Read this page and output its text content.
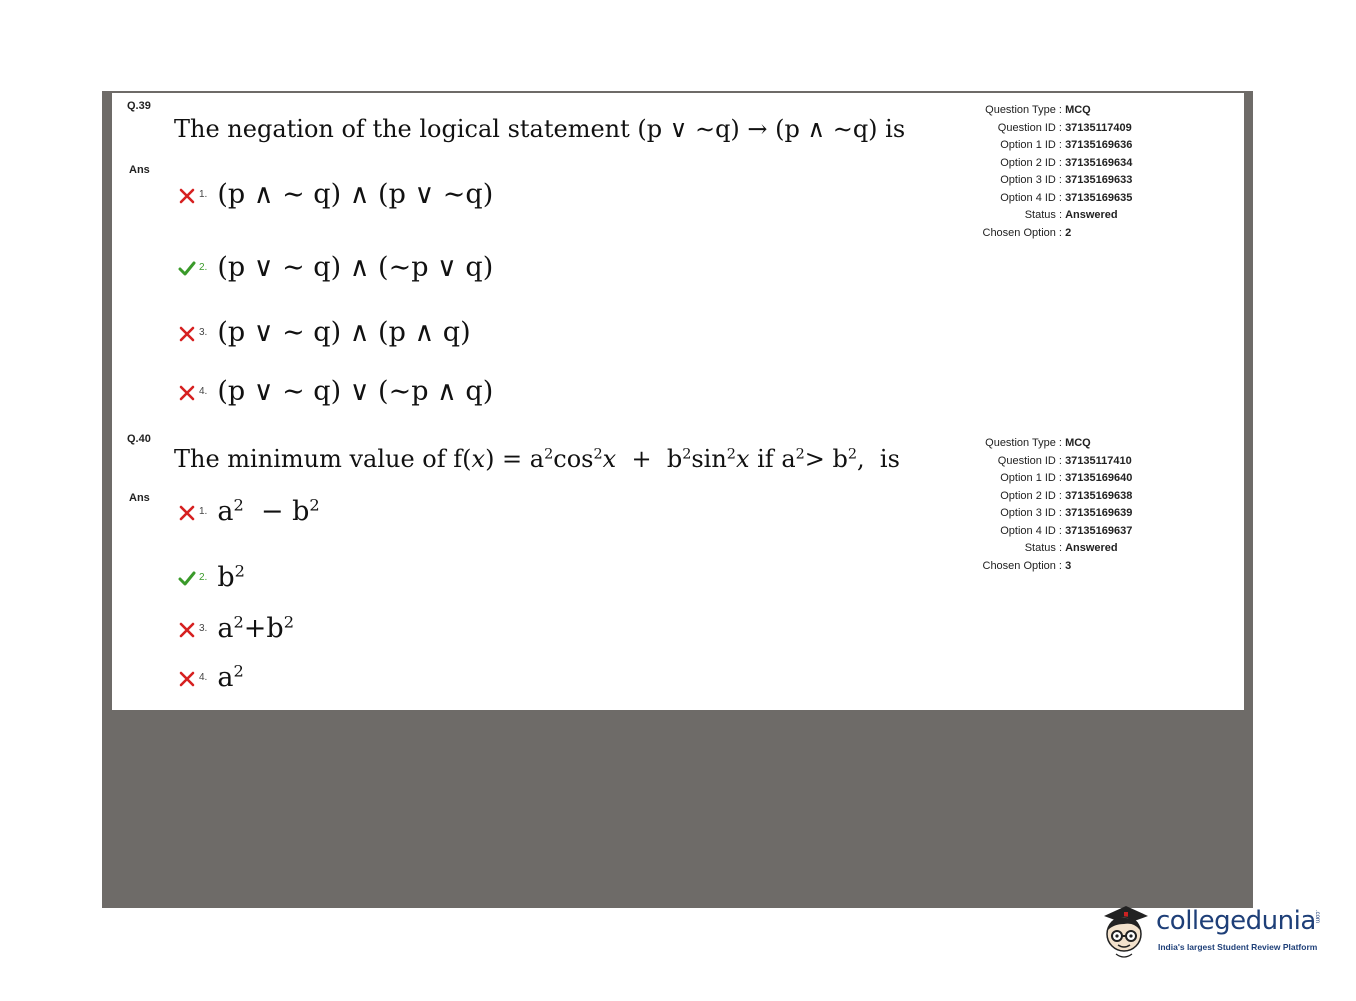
Q.39
The negation of the logical statement (p ∨ ∼q) → (p ∧ ∼q) is
Ans
1. (p ∧ ∼ q) ∧ (p ∨ ∼q)
2. (p ∨ ∼ q) ∧ (∼p ∨ q)
3. (p ∨ ∼ q) ∧ (p ∧ q)
4. (p ∨ ∼ q) ∨ (∼p ∧ q)
Question Type : MCQ
Question ID : 37135117409
Option 1 ID : 37135169636
Option 2 ID : 37135169634
Option 3 ID : 37135169633
Option 4 ID : 37135169635
Status : Answered
Chosen Option : 2
Q.40
The minimum value of $f(x) = a^2\cos^2x + b^2\sin^2x$ if $a^2> b^2$,  is
Ans
1. $a^2 - b^2$
2. $b^2$
3. $a^2+b^2$
4. $a^2$
Question Type : MCQ
Question ID : 37135117410
Option 1 ID : 37135169640
Option 2 ID : 37135169638
Option 3 ID : 37135169639
Option 4 ID : 37135169637
Status : Answered
Chosen Option : 3
collegedunia
.com
India's largest Student Review Platform
